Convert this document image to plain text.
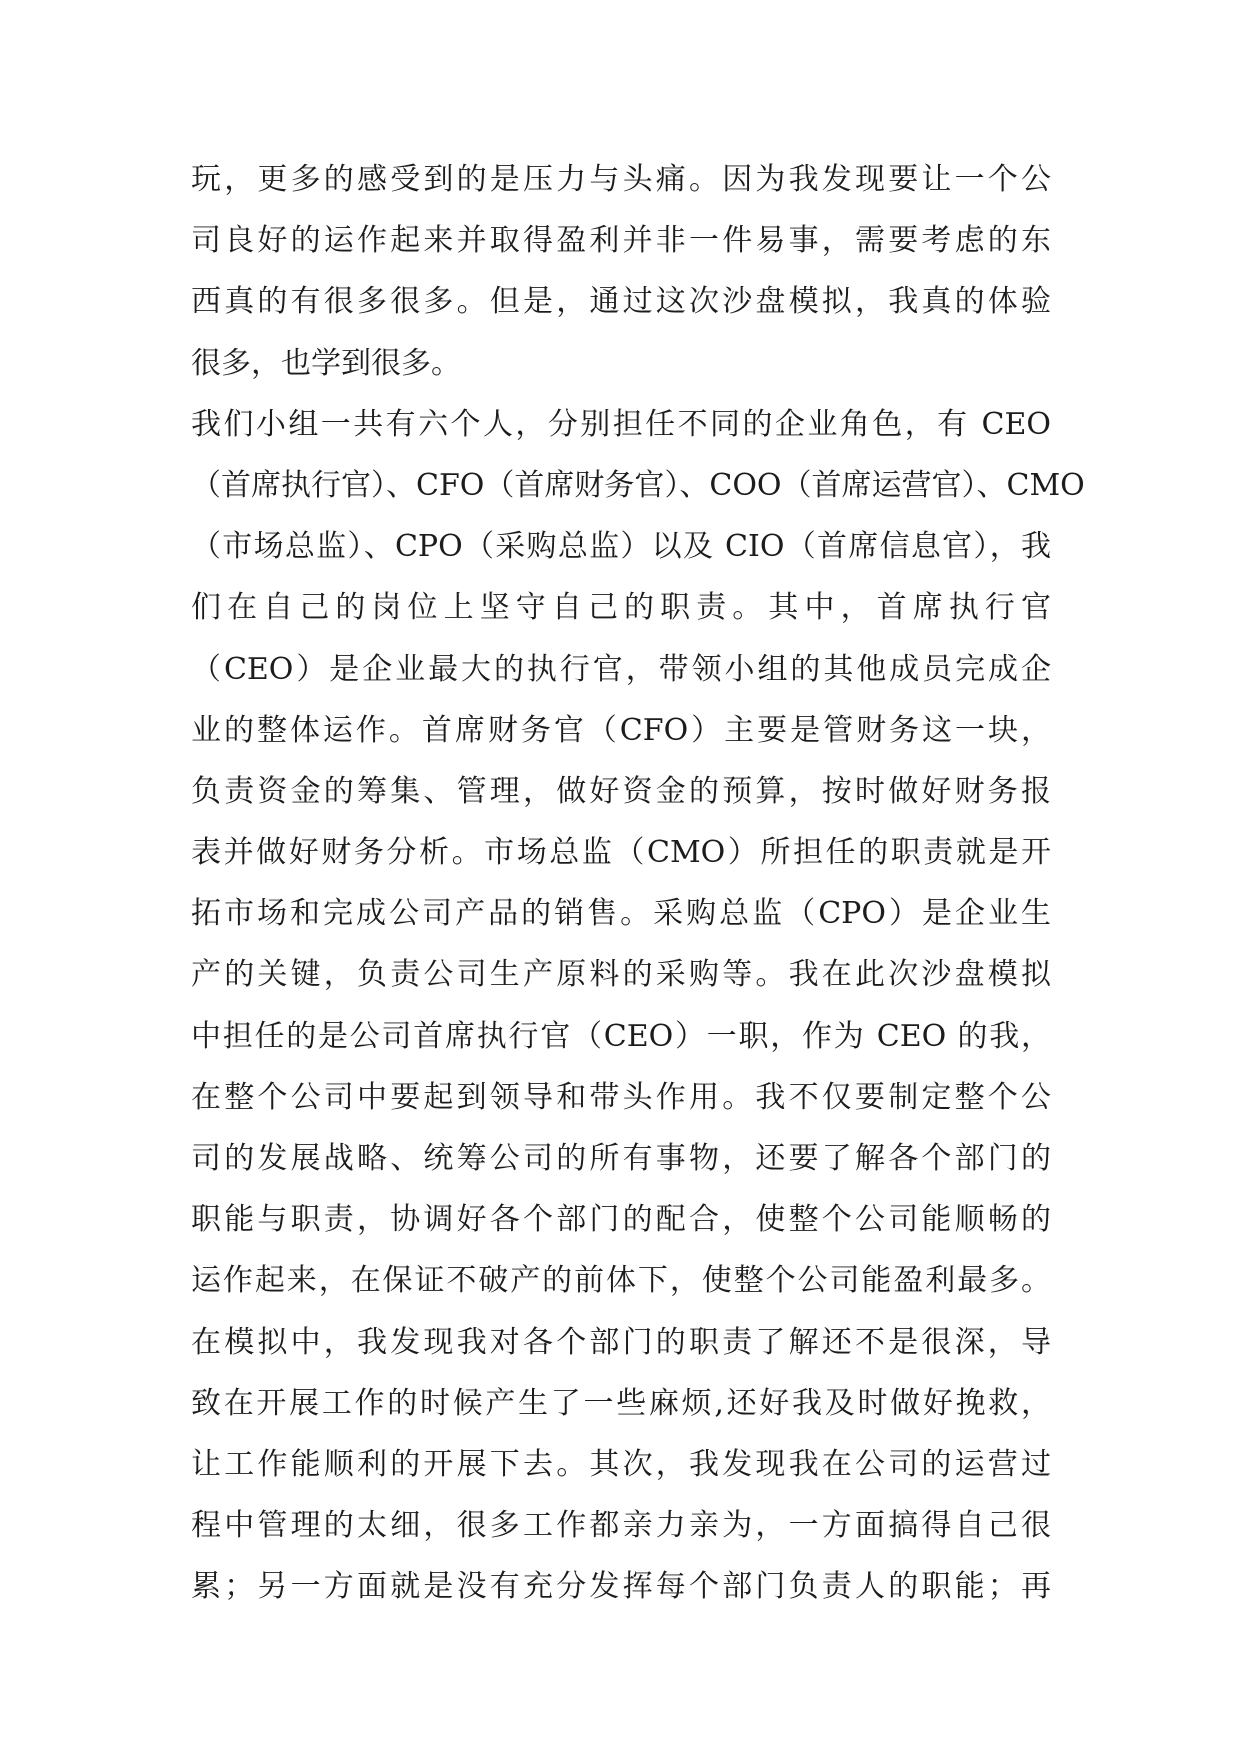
玩，更多的感受到的是压力与头痛。因为我发现要让一个公
司良好的运作起来并取得盈利并非一件易事，需要考虑的东
西真的有很多很多。但是，通过这次沙盘模拟，我真的体验
很多，也学到很多。
我们小组一共有六个人，分别担任不同的企业角色，有 CEO
（首席执行官）、CFO（首席财务官）、COO（首席运营官）、CMO
（市场总监）、CPO（采购总监）以及 CIO（首席信息官），我
们在自己的岗位上坚守自己的职责。其中，首席执行官
（CEO）是企业最大的执行官，带领小组的其他成员完成企
业的整体运作。首席财务官（CFO）主要是管财务这一块，
负责资金的筹集、管理，做好资金的预算，按时做好财务报
表并做好财务分析。市场总监（CMO）所担任的职责就是开
拓市场和完成公司产品的销售。采购总监（CPO）是企业生
产的关键，负责公司生产原料的采购等。我在此次沙盘模拟
中担任的是公司首席执行官（CEO）一职，作为 CEO 的我，
在整个公司中要起到领导和带头作用。我不仅要制定整个公
司的发展战略、统筹公司的所有事物，还要了解各个部门的
职能与职责，协调好各个部门的配合，使整个公司能顺畅的
运作起来，在保证不破产的前体下，使整个公司能盈利最多。
在模拟中，我发现我对各个部门的职责了解还不是很深，导
致在开展工作的时候产生了一些麻烦,还好我及时做好挽救，
让工作能顺利的开展下去。其次，我发现我在公司的运营过
程中管理的太细，很多工作都亲力亲为，一方面搞得自己很
累；另一方面就是没有充分发挥每个部门负责人的职能；再
